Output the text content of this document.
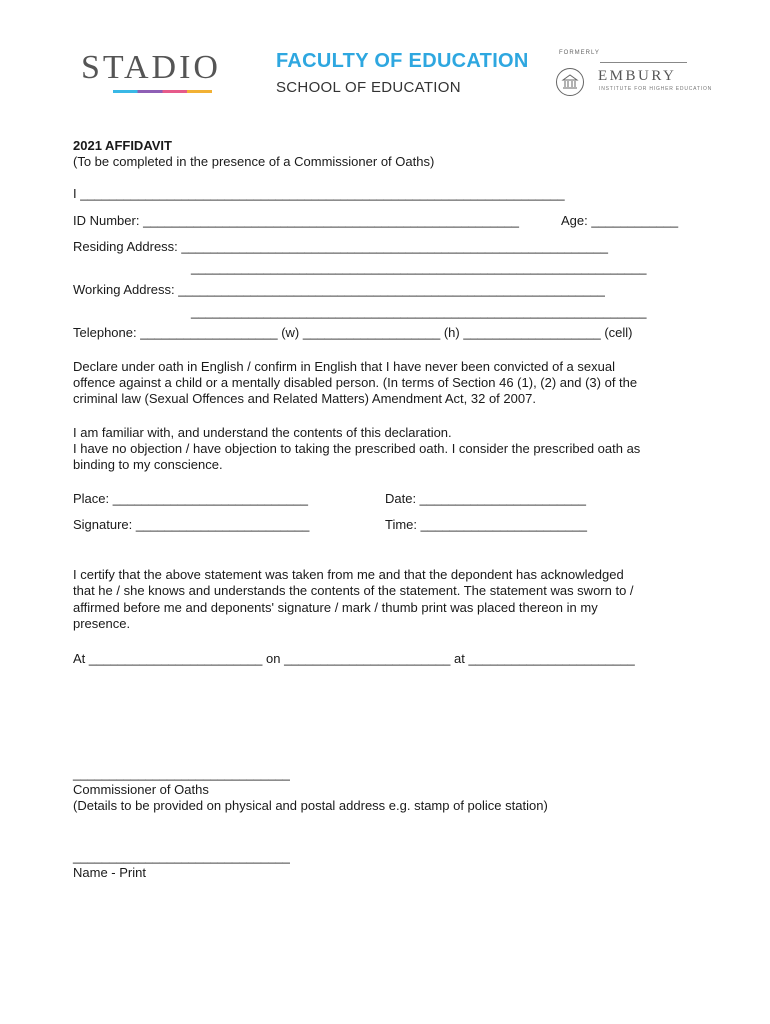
STADIO	FACULTY OF EDUCATION
SCHOOL OF EDUCATION
FORMERLY
EMBURY
INSTITUTE FOR HIGHER EDUCATION
2021 AFFIDAVIT
(To be completed in the presence of a Commissioner of Oaths)
I ___________________________________________________________________
ID Number: ____________________________________________________	Age: ____________
Residing Address: ___________________________________________________________
_______________________________________________________________
Working Address: ___________________________________________________________
_______________________________________________________________
Telephone: ___________________ (w) ___________________ (h) ___________________ (cell)
Declare under oath in English / confirm in English that I have never been convicted of a sexual
offence against a child or a mentally disabled person. (In terms of Section 46 (1), (2) and (3) of the
criminal law (Sexual Offences and Related Matters) Amendment Act, 32 of 2007.
I am familiar with, and understand the contents of this declaration.
I have no objection / have objection to taking the prescribed oath. I consider the prescribed oath as
binding to my conscience.
Place: ___________________________	Date: _______________________
Signature: ________________________	Time: _______________________
I certify that the above statement was taken from me and that the depondent has acknowledged
that he / she knows and understands the contents of the statement. The statement was sworn to /
affirmed before me and deponents' signature / mark / thumb print was placed thereon in my
presence.
At ________________________ on _______________________ at _______________________
______________________________
Commissioner of Oaths
(Details to be provided on physical and postal address e.g. stamp of police station)
______________________________
Name - Print
